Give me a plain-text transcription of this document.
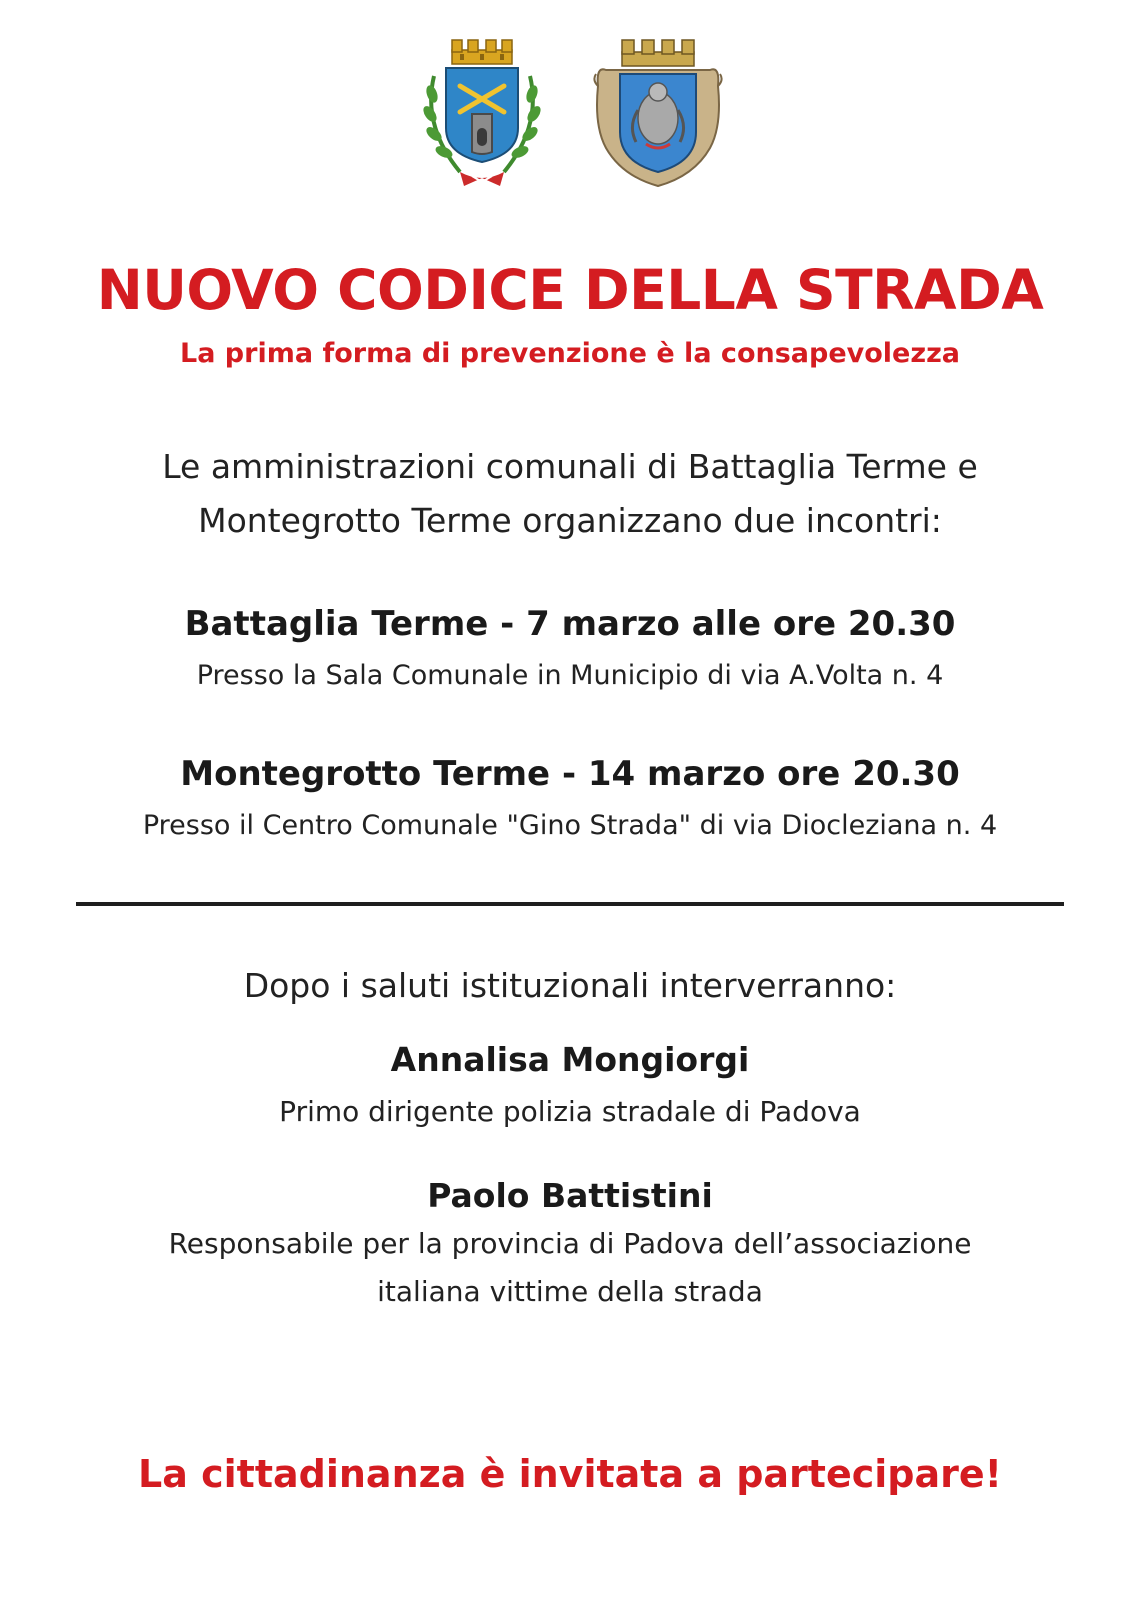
NUOVO CODICE DELLA STRADA
La prima forma di prevenzione è la consapevolezza
Le amministrazioni comunali di Battaglia Terme e
Montegrotto Terme organizzano due incontri:
Battaglia Terme - 7 marzo alle ore 20.30
Presso la Sala Comunale in Municipio di via A.Volta n. 4
Montegrotto Terme - 14 marzo ore 20.30
Presso il Centro Comunale "Gino Strada" di via Diocleziana n. 4
Dopo i saluti istituzionali interverranno:
Annalisa Mongiorgi
Primo dirigente polizia stradale di Padova
Paolo Battistini
Responsabile per la provincia di Padova dell’associazione
italiana vittime della strada
La cittadinanza è invitata a partecipare!
